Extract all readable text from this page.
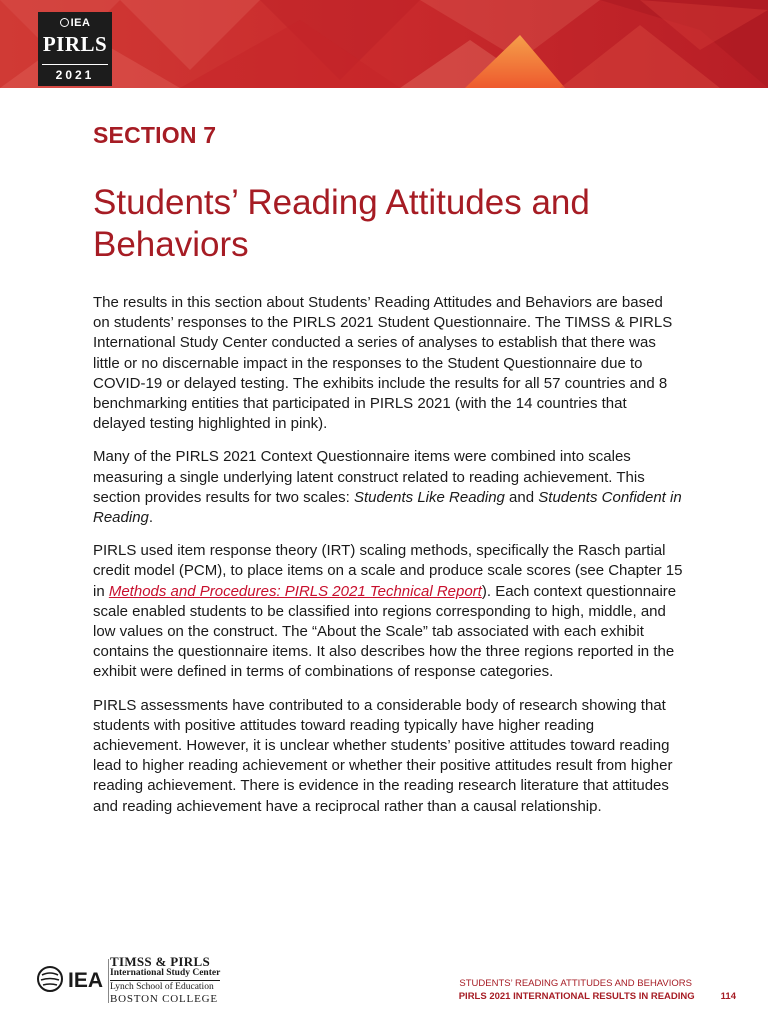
IEA
PIRLS
2021
SECTION 7
Students’ Reading Attitudes and Behaviors

The results in this section about Students’ Reading Attitudes and Behaviors are based on students’ responses to the PIRLS 2021 Student Questionnaire. The TIMSS & PIRLS International Study Center conducted a series of analyses to establish that there was little or no discernable impact in the responses to the Student Questionnaire due to COVID-19 or delayed testing. The exhibits include the results for all 57 countries and 8 benchmarking entities that participated in PIRLS 2021 (with the 14 countries that delayed testing highlighted in pink).

Many of the PIRLS 2021 Context Questionnaire items were combined into scales measuring a single underlying latent construct related to reading achievement. This section provides results for two scales: Students Like Reading and Students Confident in Reading.

PIRLS used item response theory (IRT) scaling methods, specifically the Rasch partial credit model (PCM), to place items on a scale and produce scale scores (see Chapter 15 in Methods and Procedures: PIRLS 2021 Technical Report). Each context questionnaire scale enabled students to be classified into regions corresponding to high, middle, and low values on the construct. The “About the Scale” tab associated with each exhibit contains the questionnaire items. It also describes how the three regions reported in the exhibit were defined in terms of combinations of response categories.

PIRLS assessments have contributed to a considerable body of research showing that students with positive attitudes toward reading typically have higher reading achievement. However, it is unclear whether students’ positive attitudes toward reading lead to higher reading achievement or whether their positive attitudes result from higher reading achievement. There is evidence in the reading research literature that attitudes and reading achievement have a reciprocal rather than a causal relationship.

IEA
TIMSS & PIRLS
International Study Center
Lynch School of Education
BOSTON COLLEGE
STUDENTS’ READING ATTITUDES AND BEHAVIORS
PIRLS 2021 INTERNATIONAL RESULTS IN READING	114
